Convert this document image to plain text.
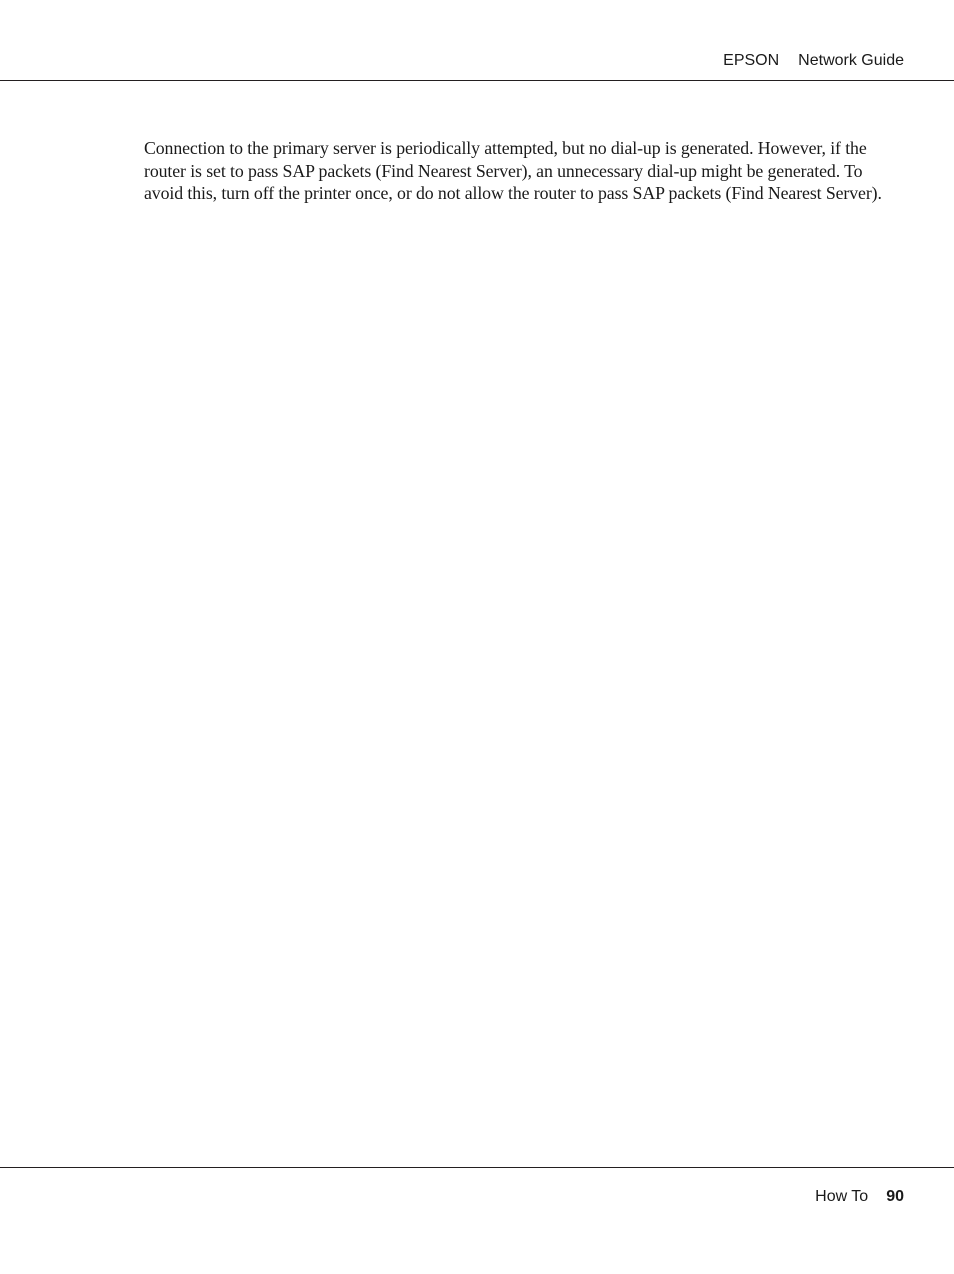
EPSON Network Guide

Connection to the primary server is periodically attempted, but no dial-up is generated. However, if the router is set to pass SAP packets (Find Nearest Server), an unnecessary dial-up might be generated. To avoid this, turn off the printer once, or do not allow the router to pass SAP packets (Find Nearest Server).

How To 90
